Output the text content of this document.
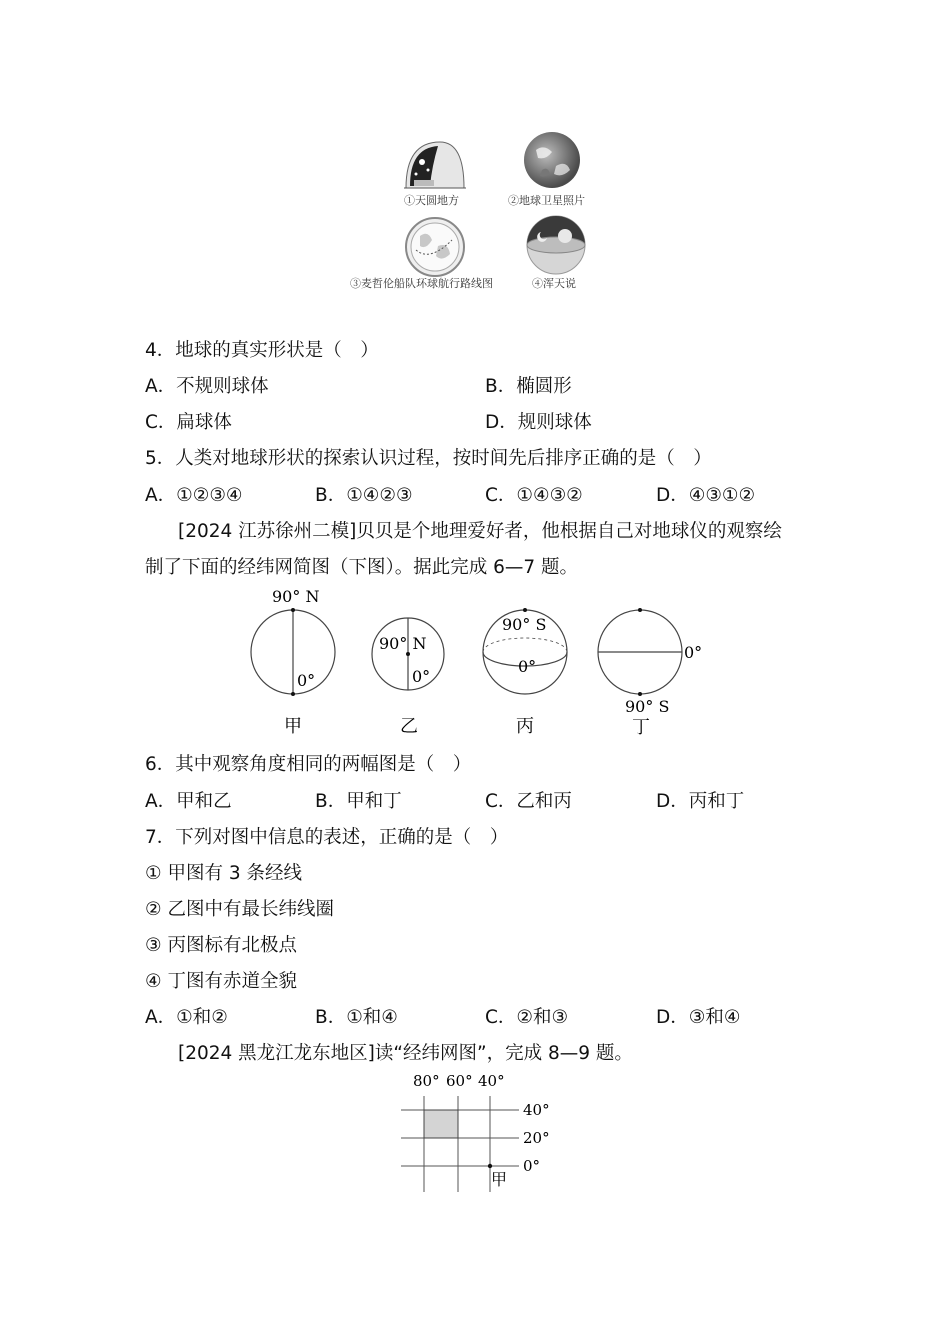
①天圆地方	②地球卫星照片
③麦哲伦船队环球航行路线图	④浑天说
4．地球的真实形状是（　）
A．不规则球体	B．椭圆形
C．扁球体	D．规则球体
5．人类对地球形状的探索认识过程，按时间先后排序正确的是（　）
A．①②③④	B．①④②③	C．①④③②	D．④③①②
[2024 江苏徐州二模]贝贝是个地理爱好者，他根据自己对地球仪的观察绘
制了下面的经纬网简图（下图）。据此完成 6—7 题。
90° N
0°
甲
90° N
0°
乙
90° S
0°
丙
0°
90° S
丁
6．其中观察角度相同的两幅图是（　）
A．甲和乙	B．甲和丁	C．乙和丙	D．丙和丁
7．下列对图中信息的表述，正确的是（　）
① 甲图有 3 条经线
② 乙图中有最长纬线圈
③ 丙图标有北极点
④ 丁图有赤道全貌
A．①和②	B．①和④	C．②和③	D．③和④
[2024 黑龙江龙东地区]读“经纬网图”，完成 8—9 题。
80° 60° 40°
40°
20°
0°
甲
